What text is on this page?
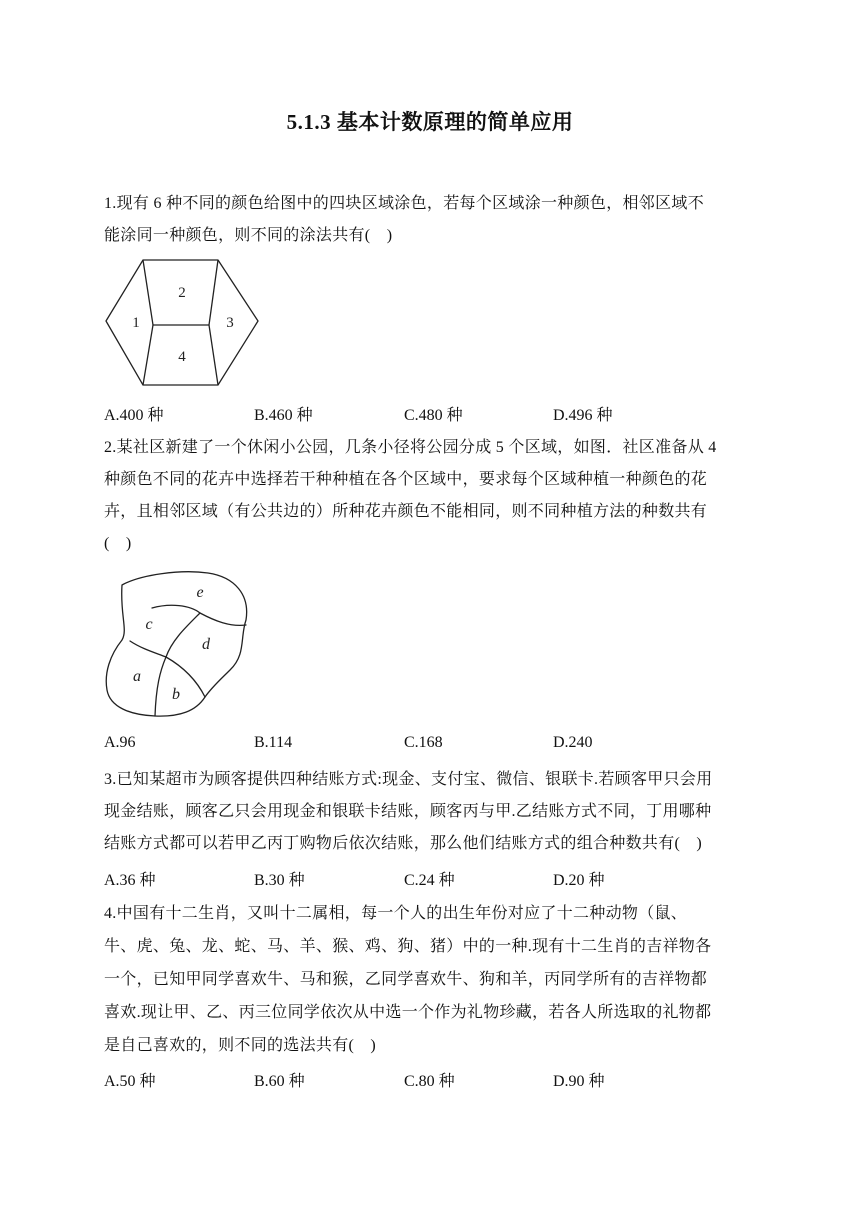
5.1.3 基本计数原理的简单应用
1.现有 6 种不同的颜色给图中的四块区域涂色，若每个区域涂一种颜色，相邻区域不
能涂同一种颜色，则不同的涂法共有(　)
1
2
3
4
A.400 种	B.460 种	C.480 种	D.496 种
2.某社区新建了一个休闲小公园，几条小径将公园分成 5 个区域，如图．社区准备从 4
种颜色不同的花卉中选择若干种种植在各个区域中，要求每个区域种植一种颜色的花
卉，且相邻区域（有公共边的）所种花卉颜色不能相同，则不同种植方法的种数共有
(　)
a
b
c
d
e
A.96	B.114	C.168	D.240
3.已知某超市为顾客提供四种结账方式:现金、支付宝、微信、银联卡.若顾客甲只会用
现金结账，顾客乙只会用现金和银联卡结账，顾客丙与甲.乙结账方式不同，丁用哪种
结账方式都可以若甲乙丙丁购物后依次结账，那么他们结账方式的组合种数共有(　)
A.36 种	B.30 种	C.24 种	D.20 种
4.中国有十二生肖，又叫十二属相，每一个人的出生年份对应了十二种动物（鼠、
牛、虎、兔、龙、蛇、马、羊、猴、鸡、狗、猪）中的一种.现有十二生肖的吉祥物各
一个，已知甲同学喜欢牛、马和猴，乙同学喜欢牛、狗和羊，丙同学所有的吉祥物都
喜欢.现让甲、乙、丙三位同学依次从中选一个作为礼物珍藏，若各人所选取的礼物都
是自己喜欢的，则不同的选法共有(　)
A.50 种	B.60 种	C.80 种	D.90 种
